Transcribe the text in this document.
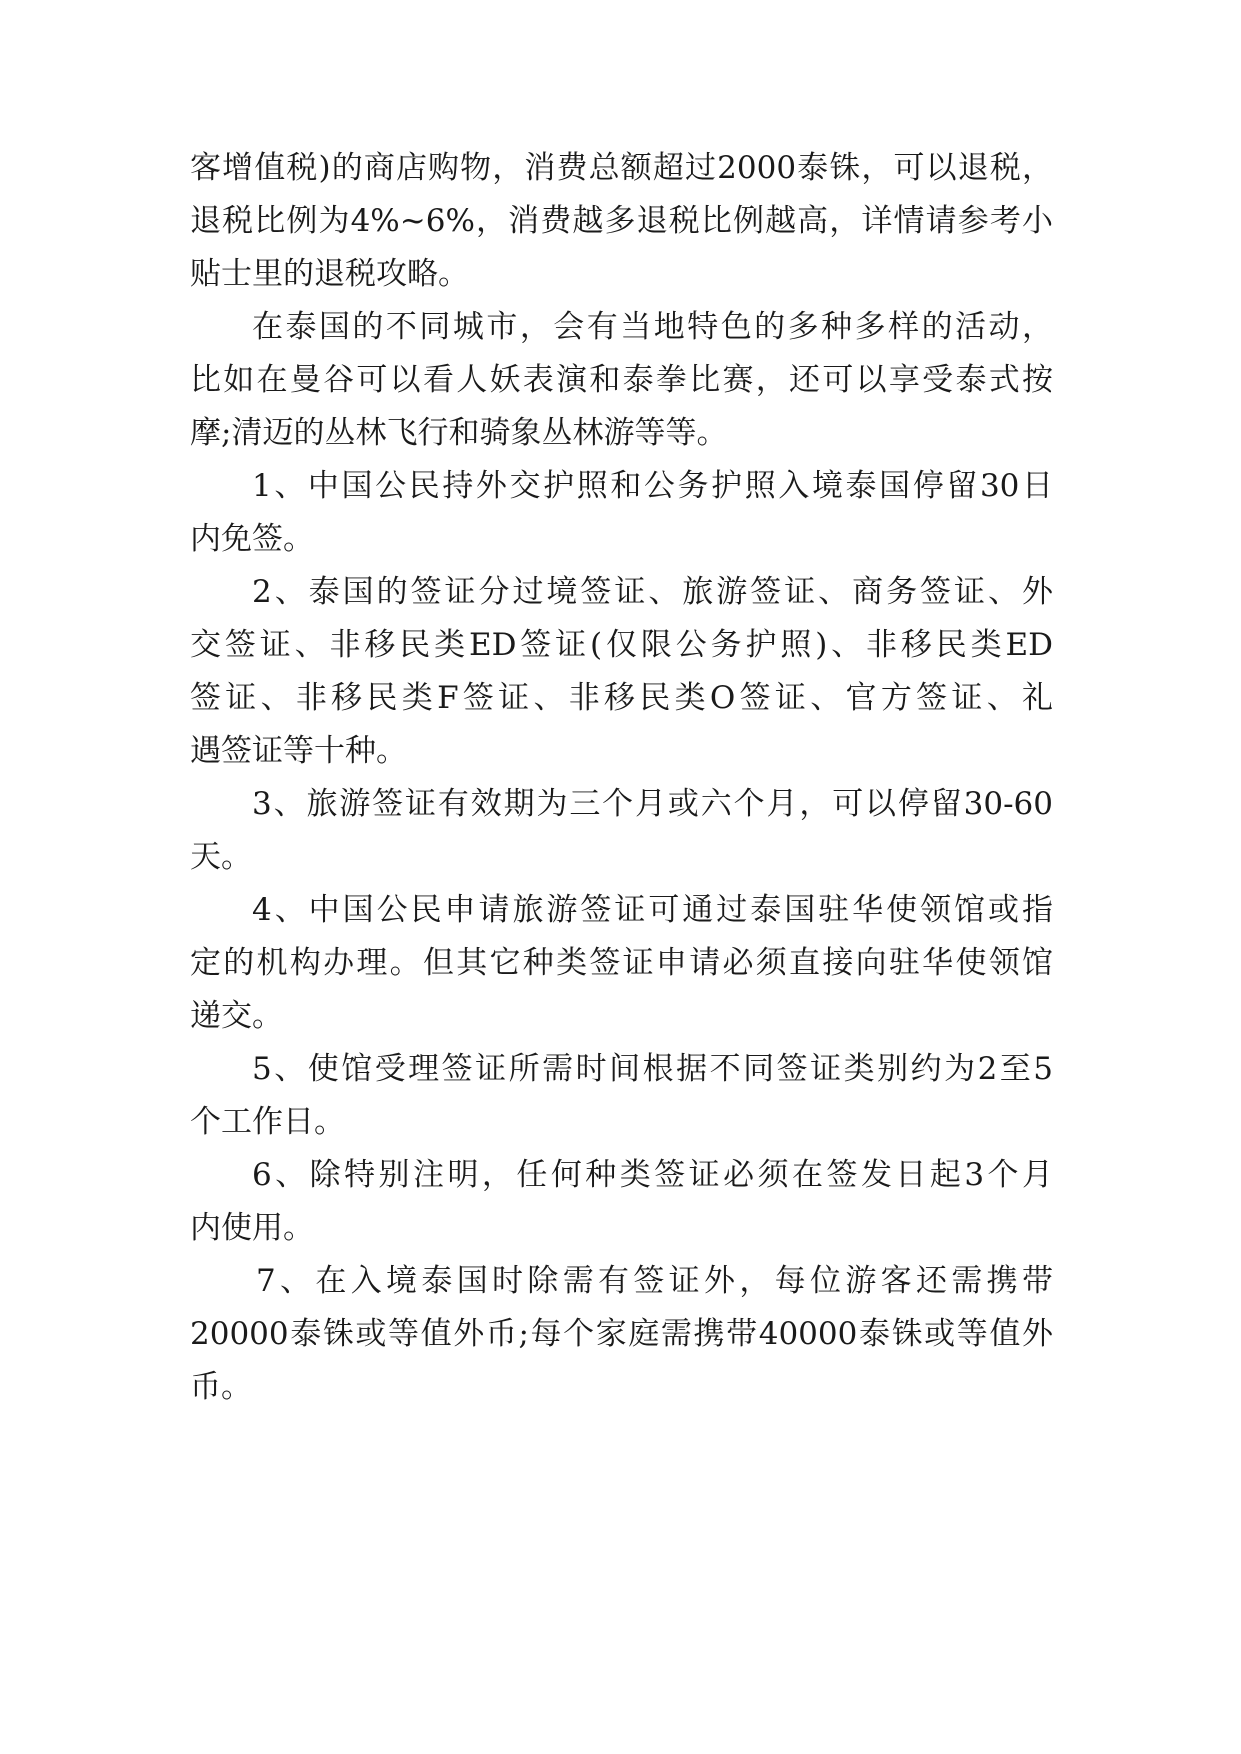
客增值税)的商店购物，消费总额超过2000泰铢，可以退税，
退税比例为4%~6%，消费越多退税比例越高，详情请参考小
贴士里的退税攻略。
在泰国的不同城市，会有当地特色的多种多样的活动，
比如在曼谷可以看人妖表演和泰拳比赛，还可以享受泰式按
摩;清迈的丛林飞行和骑象丛林游等等。
1、中国公民持外交护照和公务护照入境泰国停留30日
内免签。
2、泰国的签证分过境签证、旅游签证、商务签证、外
交签证、非移民类ED签证(仅限公务护照)、非移民类ED
签证、非移民类F签证、非移民类O签证、官方签证、礼
遇签证等十种。
3、旅游签证有效期为三个月或六个月，可以停留30-60
天。
4、中国公民申请旅游签证可通过泰国驻华使领馆或指
定的机构办理。但其它种类签证申请必须直接向驻华使领馆
递交。
5、使馆受理签证所需时间根据不同签证类别约为2至5
个工作日。
6、除特别注明，任何种类签证必须在签发日起3个月
内使用。
7、在入境泰国时除需有签证外，每位游客还需携带
20000泰铢或等值外币;每个家庭需携带40000泰铢或等值外
币。
